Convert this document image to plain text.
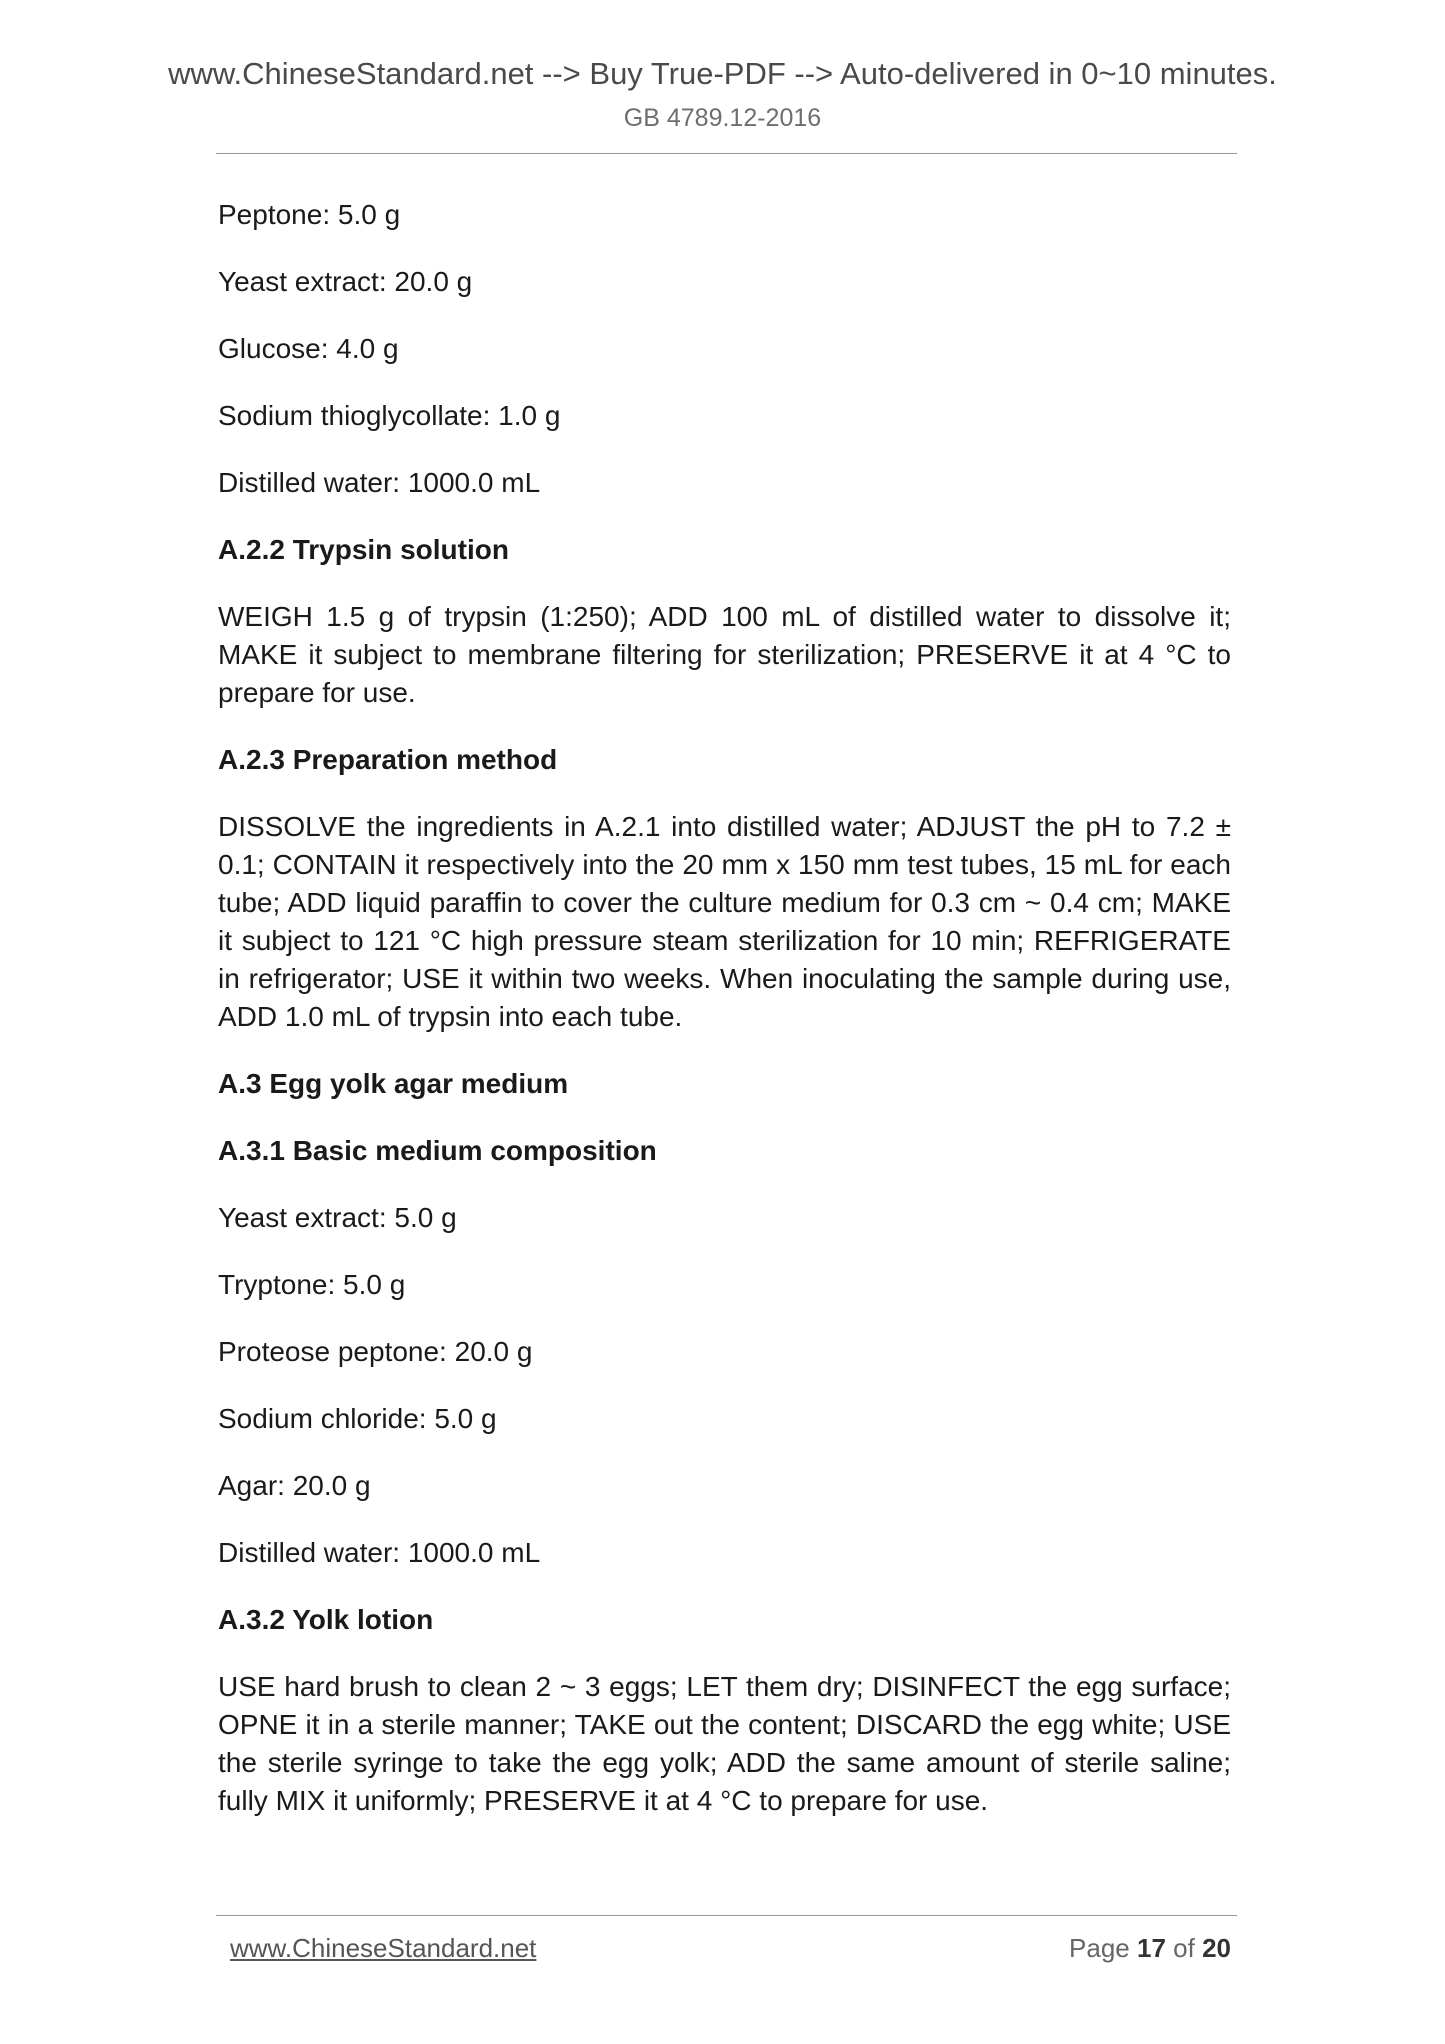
www.ChineseStandard.net --> Buy True-PDF --> Auto-delivered in 0~10 minutes.
GB 4789.12-2016

Peptone: 5.0 g

Yeast extract: 20.0 g

Glucose: 4.0 g

Sodium thioglycollate: 1.0 g

Distilled water: 1000.0 mL

A.2.2 Trypsin solution

WEIGH 1.5 g of trypsin (1:250); ADD 100 mL of distilled water to dissolve it; MAKE it subject to membrane filtering for sterilization; PRESERVE it at 4 °C to prepare for use.

A.2.3 Preparation method

DISSOLVE the ingredients in A.2.1 into distilled water; ADJUST the pH to 7.2 ± 0.1; CONTAIN it respectively into the 20 mm x 150 mm test tubes, 15 mL for each tube; ADD liquid paraffin to cover the culture medium for 0.3 cm ~ 0.4 cm; MAKE it subject to 121 °C high pressure steam sterilization for 10 min; REFRIGERATE in refrigerator; USE it within two weeks. When inoculating the sample during use, ADD 1.0 mL of trypsin into each tube.

A.3 Egg yolk agar medium

A.3.1 Basic medium composition

Yeast extract: 5.0 g

Tryptone: 5.0 g

Proteose peptone: 20.0 g

Sodium chloride: 5.0 g

Agar: 20.0 g

Distilled water: 1000.0 mL

A.3.2 Yolk lotion

USE hard brush to clean 2 ~ 3 eggs; LET them dry; DISINFECT the egg surface; OPNE it in a sterile manner; TAKE out the content; DISCARD the egg white; USE the sterile syringe to take the egg yolk; ADD the same amount of sterile saline; fully MIX it uniformly; PRESERVE it at 4 °C to prepare for use.

www.ChineseStandard.net	Page 17 of 20
